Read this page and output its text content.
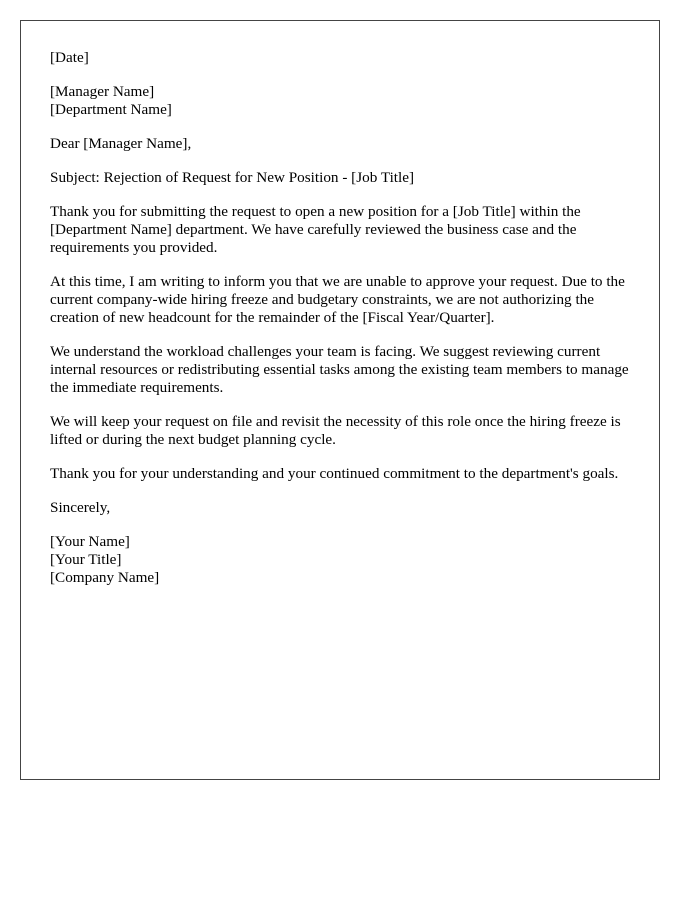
[Date]

[Manager Name]
[Department Name]

Dear [Manager Name],

Subject: Rejection of Request for New Position - [Job Title]

Thank you for submitting the request to open a new position for a [Job Title] within the [Department Name] department. We have carefully reviewed the business case and the requirements you provided.

At this time, I am writing to inform you that we are unable to approve your request. Due to the current company-wide hiring freeze and budgetary constraints, we are not authorizing the creation of new headcount for the remainder of the [Fiscal Year/Quarter].

We understand the workload challenges your team is facing. We suggest reviewing current internal resources or redistributing essential tasks among the existing team members to manage the immediate requirements.

We will keep your request on file and revisit the necessity of this role once the hiring freeze is lifted or during the next budget planning cycle.

Thank you for your understanding and your continued commitment to the department's goals.

Sincerely,

[Your Name]
[Your Title]
[Company Name]
